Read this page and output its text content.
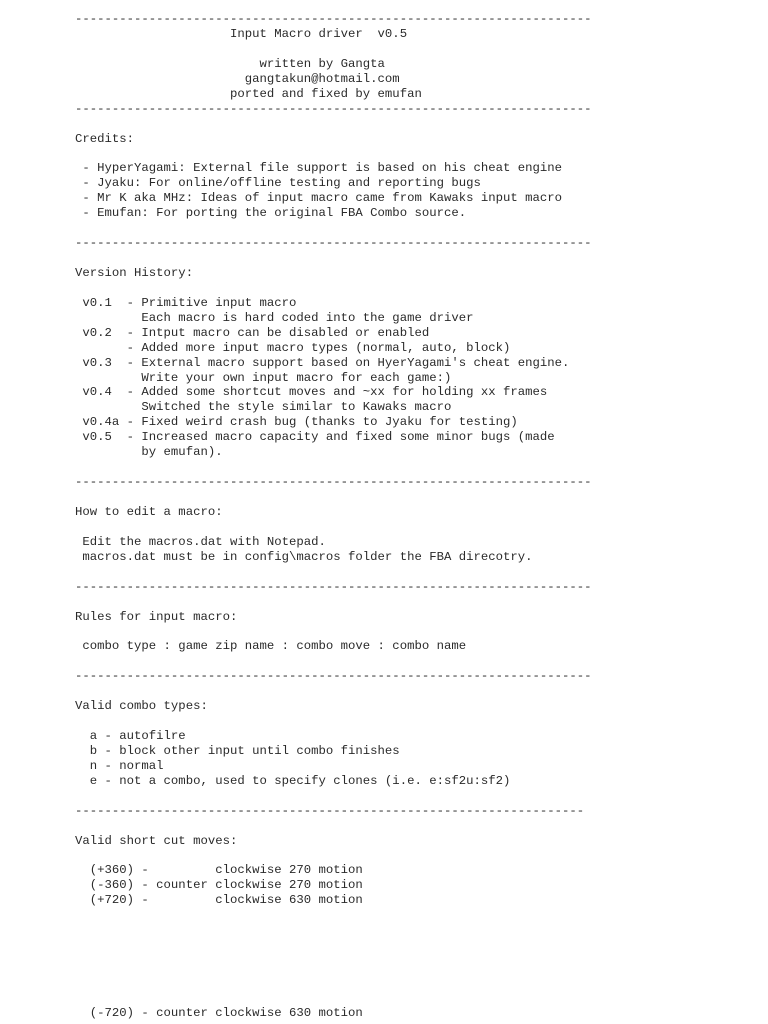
----------------------------------------------------------------------
Input Macro driver  v0.5
written by Gangta
gangtakun@hotmail.com
ported and fixed by emufan
----------------------------------------------------------------------
Credits:
- HyperYagami: External file support is based on his cheat engine
- Jyaku: For online/offline testing and reporting bugs
- Mr K aka MHz: Ideas of input macro came from Kawaks input macro
- Emufan: For porting the original FBA Combo source.
----------------------------------------------------------------------
Version History:
v0.1  - Primitive input macro
Each macro is hard coded into the game driver
v0.2  - Intput macro can be disabled or enabled
- Added more input macro types (normal, auto, block)
v0.3  - External macro support based on HyerYagami's cheat engine.
Write your own input macro for each game:)
v0.4  - Added some shortcut moves and ~xx for holding xx frames
Switched the style similar to Kawaks macro
v0.4a - Fixed weird crash bug (thanks to Jyaku for testing)
v0.5  - Increased macro capacity and fixed some minor bugs (made
by emufan).
----------------------------------------------------------------------
How to edit a macro:
Edit the macros.dat with Notepad.
macros.dat must be in config\macros folder the FBA direcotry.
----------------------------------------------------------------------
Rules for input macro:
combo type : game zip name : combo move : combo name
----------------------------------------------------------------------
Valid combo types:
a - autofilre
b - block other input until combo finishes
n - normal
e - not a combo, used to specify clones (i.e. e:sf2u:sf2)
---------------------------------------------------------------------
Valid short cut moves:
(+360) -         clockwise 270 motion
(-360) - counter clockwise 270 motion
(+720) -         clockwise 630 motion
(-720) - counter clockwise 630 motion
